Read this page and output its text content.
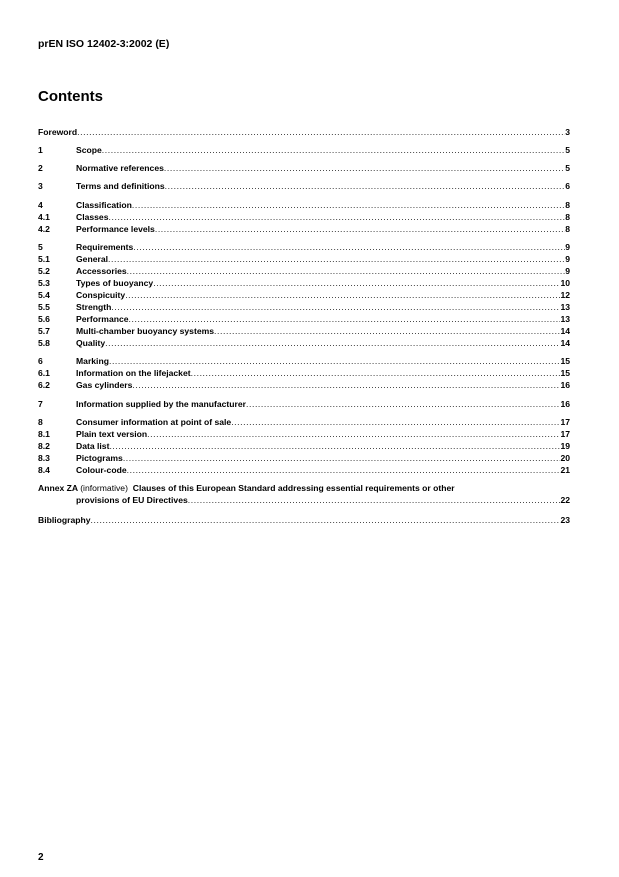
prEN ISO 12402-3:2002 (E)
Contents
Foreword .....	3
1	Scope .....	5
2	Normative references .....	5
3	Terms and definitions .....	6
4	Classification .....	8
4.1	Classes .....	8
4.2	Performance levels .....	8
5	Requirements .....	9
5.1	General .....	9
5.2	Accessories .....	9
5.3	Types of buoyancy .....	10
5.4	Conspicuity .....	12
5.5	Strength .....	13
5.6	Performance .....	13
5.7	Multi-chamber buoyancy systems .....	14
5.8	Quality .....	14
6	Marking .....	15
6.1	Information on the lifejacket .....	15
6.2	Gas cylinders .....	16
7	Information supplied by the manufacturer .....	16
8	Consumer information at point of sale .....	17
8.1	Plain text version .....	17
8.2	Data list .....	19
8.3	Pictograms .....	20
8.4	Colour-code .....	21
Annex ZA (informative) Clauses of this European Standard addressing essential requirements or other
provisions of EU Directives .....	22
Bibliography .....	23
2
